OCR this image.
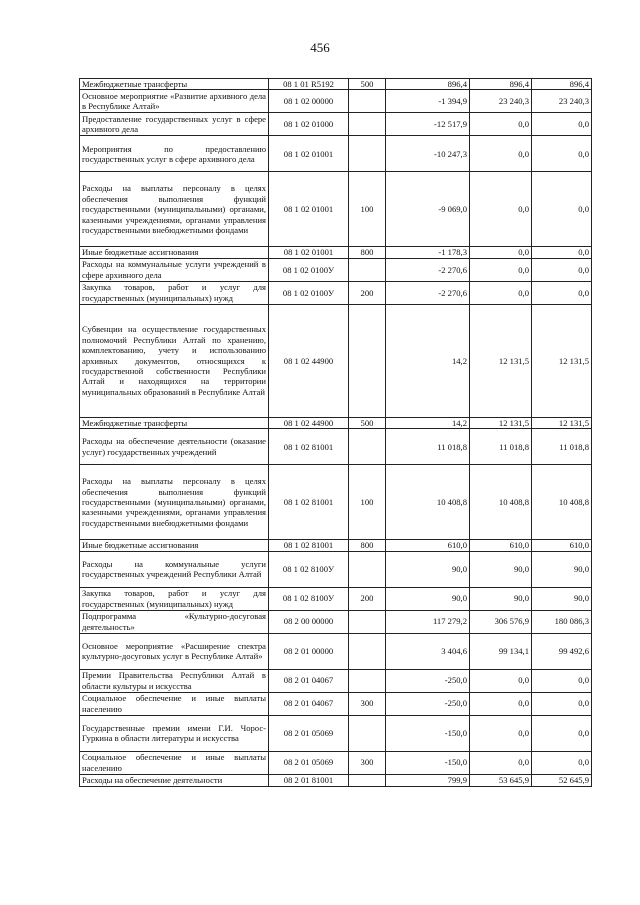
456
Межбюджетные трансферты	08 1 01 R5192	500	896,4	896,4	896,4
Основное мероприятие «Развитие архивного дела в Республике Алтай»	08 1 02 00000		-1 394,9	23 240,3	23 240,3
Предоставление государственных услуг в сфере архивного дела	08 1 02 01000		-12 517,9	0,0	0,0
Мероприятия по предоставлению государственных услуг в сфере архивного дела	08 1 02 01001		-10 247,3	0,0	0,0
Расходы на выплаты персоналу в целях обеспечения выполнения функций государственными (муниципальными) органами, казенными учреждениями, органами управления государственными внебюджетными фондами	08 1 02 01001	100	-9 069,0	0,0	0,0
Иные бюджетные ассигнования	08 1 02 01001	800	-1 178,3	0,0	0,0
Расходы на коммунальные услуги учреждений в сфере архивного дела	08 1 02 0100У		-2 270,6	0,0	0,0
Закупка товаров, работ и услуг для государственных (муниципальных) нужд	08 1 02 0100У	200	-2 270,6	0,0	0,0
Субвенции на осуществление государственных полномочий Республики Алтай по хранению, комплектованию, учету и использованию архивных документов, относящихся к государственной собственности Республики Алтай и находящихся на территории муниципальных образований в Республике Алтай	08 1 02 44900		14,2	12 131,5	12 131,5
Межбюджетные трансферты	08 1 02 44900	500	14,2	12 131,5	12 131,5
Расходы на обеспечение деятельности (оказание услуг) государственных учреждений	08 1 02 81001		11 018,8	11 018,8	11 018,8
Расходы на выплаты персоналу в целях обеспечения выполнения функций государственными (муниципальными) органами, казенными учреждениями, органами управления государственными внебюджетными фондами	08 1 02 81001	100	10 408,8	10 408,8	10 408,8
Иные бюджетные ассигнования	08 1 02 81001	800	610,0	610,0	610,0
Расходы на коммунальные услуги государственных учреждений Республики Алтай	08 1 02 8100У		90,0	90,0	90,0
Закупка товаров, работ и услуг для государственных (муниципальных) нужд	08 1 02 8100У	200	90,0	90,0	90,0
Подпрограмма «Культурно-досуговая деятельность»	08 2 00 00000		117 279,2	306 576,9	180 086,3
Основное мероприятие «Расширение спектра культурно-досуговых услуг в Республике Алтай»	08 2 01 00000		3 404,6	99 134,1	99 492,6
Премии Правительства Республики Алтай в области культуры и искусства	08 2 01 04067		-250,0	0,0	0,0
Социальное обеспечение и иные выплаты населению	08 2 01 04067	300	-250,0	0,0	0,0
Государственные премии имени Г.И. Чорос-Гуркина в области литературы и искусства	08 2 01 05069		-150,0	0,0	0,0
Социальное обеспечение и иные выплаты населению	08 2 01 05069	300	-150,0	0,0	0,0
Расходы на обеспечение деятельности	08 2 01 81001		799,9	53 645,9	52 645,9
